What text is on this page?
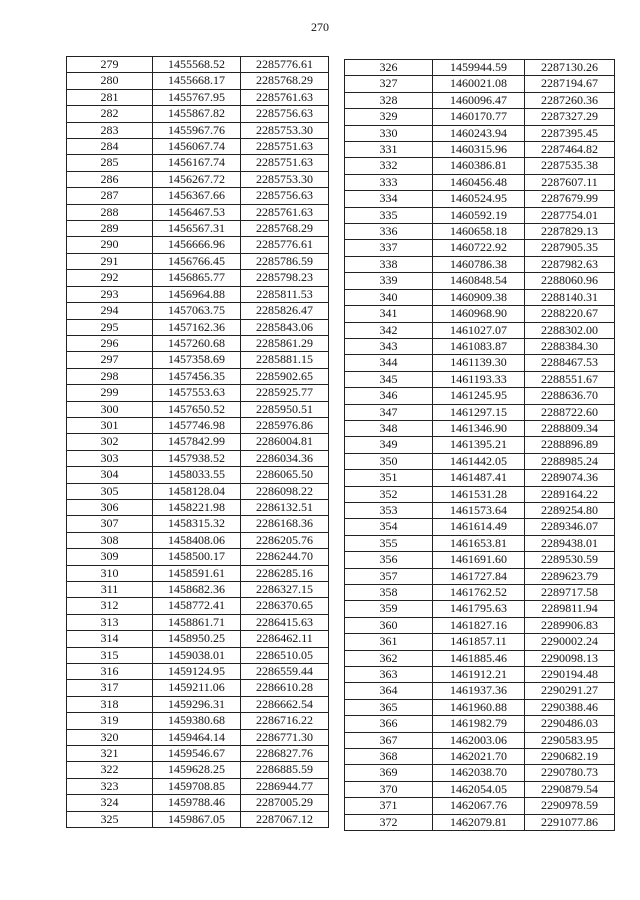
270
279	1455568.52	2285776.61
280	1455668.17	2285768.29
281	1455767.95	2285761.63
282	1455867.82	2285756.63
283	1455967.76	2285753.30
284	1456067.74	2285751.63
285	1456167.74	2285751.63
286	1456267.72	2285753.30
287	1456367.66	2285756.63
288	1456467.53	2285761.63
289	1456567.31	2285768.29
290	1456666.96	2285776.61
291	1456766.45	2285786.59
292	1456865.77	2285798.23
293	1456964.88	2285811.53
294	1457063.75	2285826.47
295	1457162.36	2285843.06
296	1457260.68	2285861.29
297	1457358.69	2285881.15
298	1457456.35	2285902.65
299	1457553.63	2285925.77
300	1457650.52	2285950.51
301	1457746.98	2285976.86
302	1457842.99	2286004.81
303	1457938.52	2286034.36
304	1458033.55	2286065.50
305	1458128.04	2286098.22
306	1458221.98	2286132.51
307	1458315.32	2286168.36
308	1458408.06	2286205.76
309	1458500.17	2286244.70
310	1458591.61	2286285.16
311	1458682.36	2286327.15
312	1458772.41	2286370.65
313	1458861.71	2286415.63
314	1458950.25	2286462.11
315	1459038.01	2286510.05
316	1459124.95	2286559.44
317	1459211.06	2286610.28
318	1459296.31	2286662.54
319	1459380.68	2286716.22
320	1459464.14	2286771.30
321	1459546.67	2286827.76
322	1459628.25	2286885.59
323	1459708.85	2286944.77
324	1459788.46	2287005.29
325	1459867.05	2287067.12
326	1459944.59	2287130.26
327	1460021.08	2287194.67
328	1460096.47	2287260.36
329	1460170.77	2287327.29
330	1460243.94	2287395.45
331	1460315.96	2287464.82
332	1460386.81	2287535.38
333	1460456.48	2287607.11
334	1460524.95	2287679.99
335	1460592.19	2287754.01
336	1460658.18	2287829.13
337	1460722.92	2287905.35
338	1460786.38	2287982.63
339	1460848.54	2288060.96
340	1460909.38	2288140.31
341	1460968.90	2288220.67
342	1461027.07	2288302.00
343	1461083.87	2288384.30
344	1461139.30	2288467.53
345	1461193.33	2288551.67
346	1461245.95	2288636.70
347	1461297.15	2288722.60
348	1461346.90	2288809.34
349	1461395.21	2288896.89
350	1461442.05	2288985.24
351	1461487.41	2289074.36
352	1461531.28	2289164.22
353	1461573.64	2289254.80
354	1461614.49	2289346.07
355	1461653.81	2289438.01
356	1461691.60	2289530.59
357	1461727.84	2289623.79
358	1461762.52	2289717.58
359	1461795.63	2289811.94
360	1461827.16	2289906.83
361	1461857.11	2290002.24
362	1461885.46	2290098.13
363	1461912.21	2290194.48
364	1461937.36	2290291.27
365	1461960.88	2290388.46
366	1461982.79	2290486.03
367	1462003.06	2290583.95
368	1462021.70	2290682.19
369	1462038.70	2290780.73
370	1462054.05	2290879.54
371	1462067.76	2290978.59
372	1462079.81	2291077.86
